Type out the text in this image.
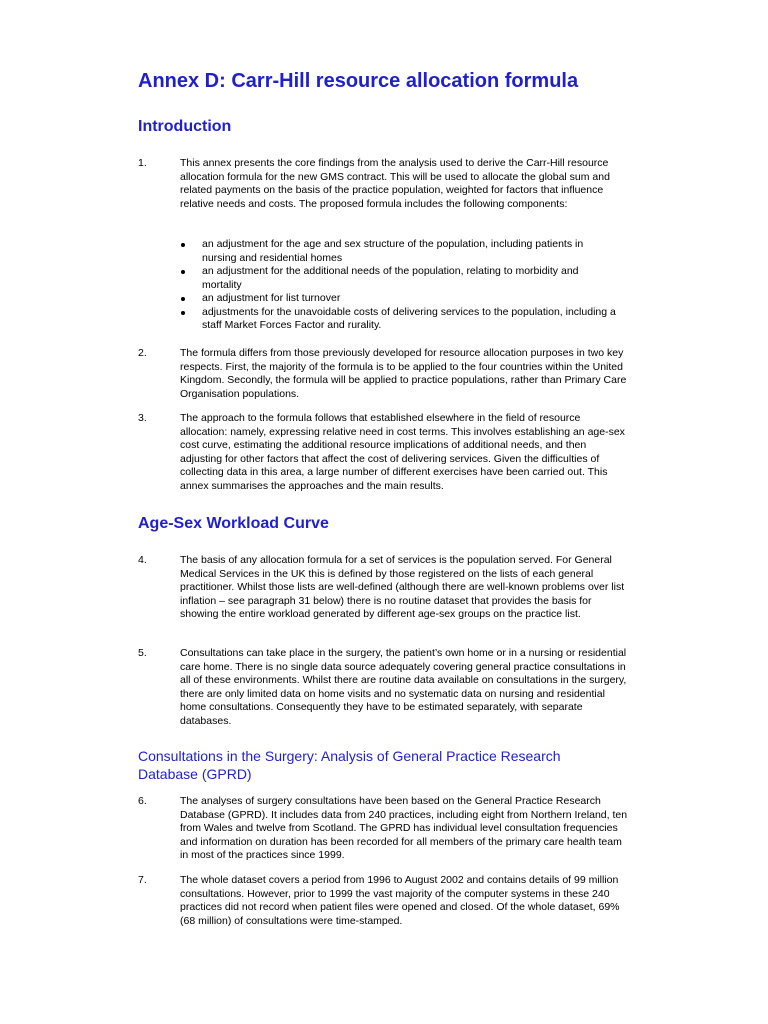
Annex D: Carr-Hill resource allocation formula
Introduction
1.	This annex presents the core findings from the analysis used to derive the Carr-Hill resource allocation formula for the new GMS contract. This will be used to allocate the global sum and related payments on the basis of the practice population, weighted for factors that influence relative needs and costs. The proposed formula includes the following components:

an adjustment for the age and sex structure of the population, including patients in nursing and residential homes
an adjustment for the additional needs of the population, relating to morbidity and mortality
an adjustment for list turnover
adjustments for the unavoidable costs of delivering services to the population, including a staff Market Forces Factor and rurality.
2.	The formula differs from those previously developed for resource allocation purposes in two key respects. First, the majority of the formula is to be applied to the four countries within the United Kingdom. Secondly, the formula will be applied to practice populations, rather than Primary Care Organisation populations.

3.	The approach to the formula follows that established elsewhere in the field of resource allocation: namely, expressing relative need in cost terms. This involves establishing an age-sex cost curve, estimating the additional resource implications of additional needs, and then adjusting for other factors that affect the cost of delivering services. Given the difficulties of collecting data in this area, a large number of different exercises have been carried out. This annex summarises the approaches and the main results.

Age-Sex Workload Curve
4.	The basis of any allocation formula for a set of services is the population served. For General Medical Services in the UK this is defined by those registered on the lists of each general practitioner. Whilst those lists are well-defined (although there are well-known problems over list inflation – see paragraph 31 below) there is no routine dataset that provides the basis for showing the entire workload generated by different age-sex groups on the practice list.

5.	Consultations can take place in the surgery, the patient’s own home or in a nursing or residential care home. There is no single data source adequately covering general practice consultations in all of these environments. Whilst there are routine data available on consultations in the surgery, there are only limited data on home visits and no systematic data on nursing and residential home consultations. Consequently they have to be estimated separately, with separate databases.

Consultations in the Surgery: Analysis of General Practice Research Database (GPRD)
6.	The analyses of surgery consultations have been based on the General Practice Research Database (GPRD). It includes data from 240 practices, including eight from Northern Ireland, ten from Wales and twelve from Scotland. The GPRD has individual level consultation frequencies and information on duration has been recorded for all members of the primary care health team in most of the practices since 1999.

7.	The whole dataset covers a period from 1996 to August 2002 and contains details of 99 million consultations. However, prior to 1999 the vast majority of the computer systems in these 240 practices did not record when patient files were opened and closed. Of the whole dataset, 69% (68 million) of consultations were time-stamped.
